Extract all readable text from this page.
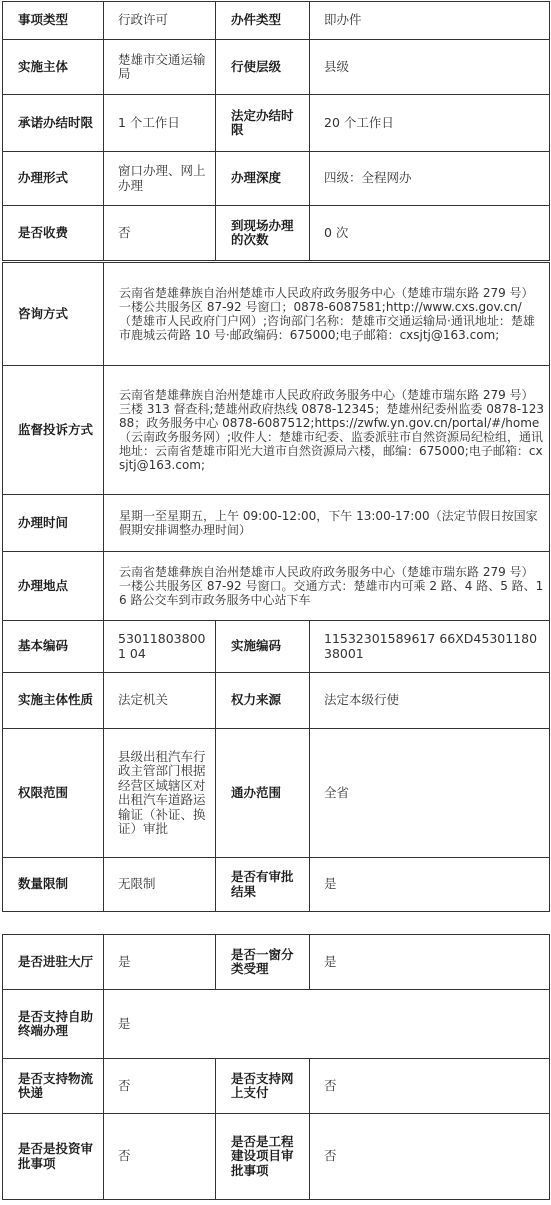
事项类型	行政许可	办件类型	即办件
实施主体	楚雄市交通运输局	行使层级	县级
承诺办结时限	1 个工作日	法定办结时限	20 个工作日
办理形式	窗口办理、网上办理	办理深度	四级：全程网办
是否收费	否	到现场办理的次数	0 次
咨询方式	云南省楚雄彝族自治州楚雄市人民政府政务服务中心（楚雄市瑞东路 279 号）一楼公共服务区 87-92 号窗口；0878-6087581;http://www.cxs.gov.cn/（楚雄市人民政府门户网）;咨询部门名称：楚雄市交通运输局·通讯地址：楚雄市鹿城云荷路 10 号·邮政编码：675000;电子邮箱：cxsjtj@163.com;		
监督投诉方式	云南省楚雄彝族自治州楚雄市人民政府政务服务中心（楚雄市瑞东路 279 号）三楼 313 督查科;楚雄州政府热线 0878-12345；楚雄州纪委州监委 0878-12388；政务服务中心 0878-6087512;https://zwfw.yn.gov.cn/portal/#/home（云南政务服务网）;收件人：楚雄市纪委、监委派驻市自然资源局纪检组，通讯地址：云南省楚雄市阳光大道市自然资源局六楼，邮编：675000;电子邮箱：cxsjtj@163.com;		
办理时间	星期一至星期五，上午 09:00-12:00，下午 13:00-17:00（法定节假日按国家假期安排调整办理时间）		
办理地点	云南省楚雄彝族自治州楚雄市人民政府政务服务中心（楚雄市瑞东路 279 号）一楼公共服务区 87-92 号窗口。交通方式：楚雄市内可乘 2 路、4 路、5 路、16 路公交车到市政务服务中心站下车		
基本编码	530118038001 04	实施编码	11532301589617 66XD45301180 38001
实施主体性质	法定机关	权力来源	法定本级行使
权限范围	县级出租汽车行政主管部门根据经营区域辖区对出租汽车道路运输证（补证、换证）审批	通办范围	全省
数量限制	无限制	是否有审批结果	是
是否进驻大厅	是	是否一窗分类受理	是
是否支持自助终端办理	是		
是否支持物流快递	否	是否支持网上支付	否
是否是投资审批事项	否	是否是工程建设项目审批事项	否
